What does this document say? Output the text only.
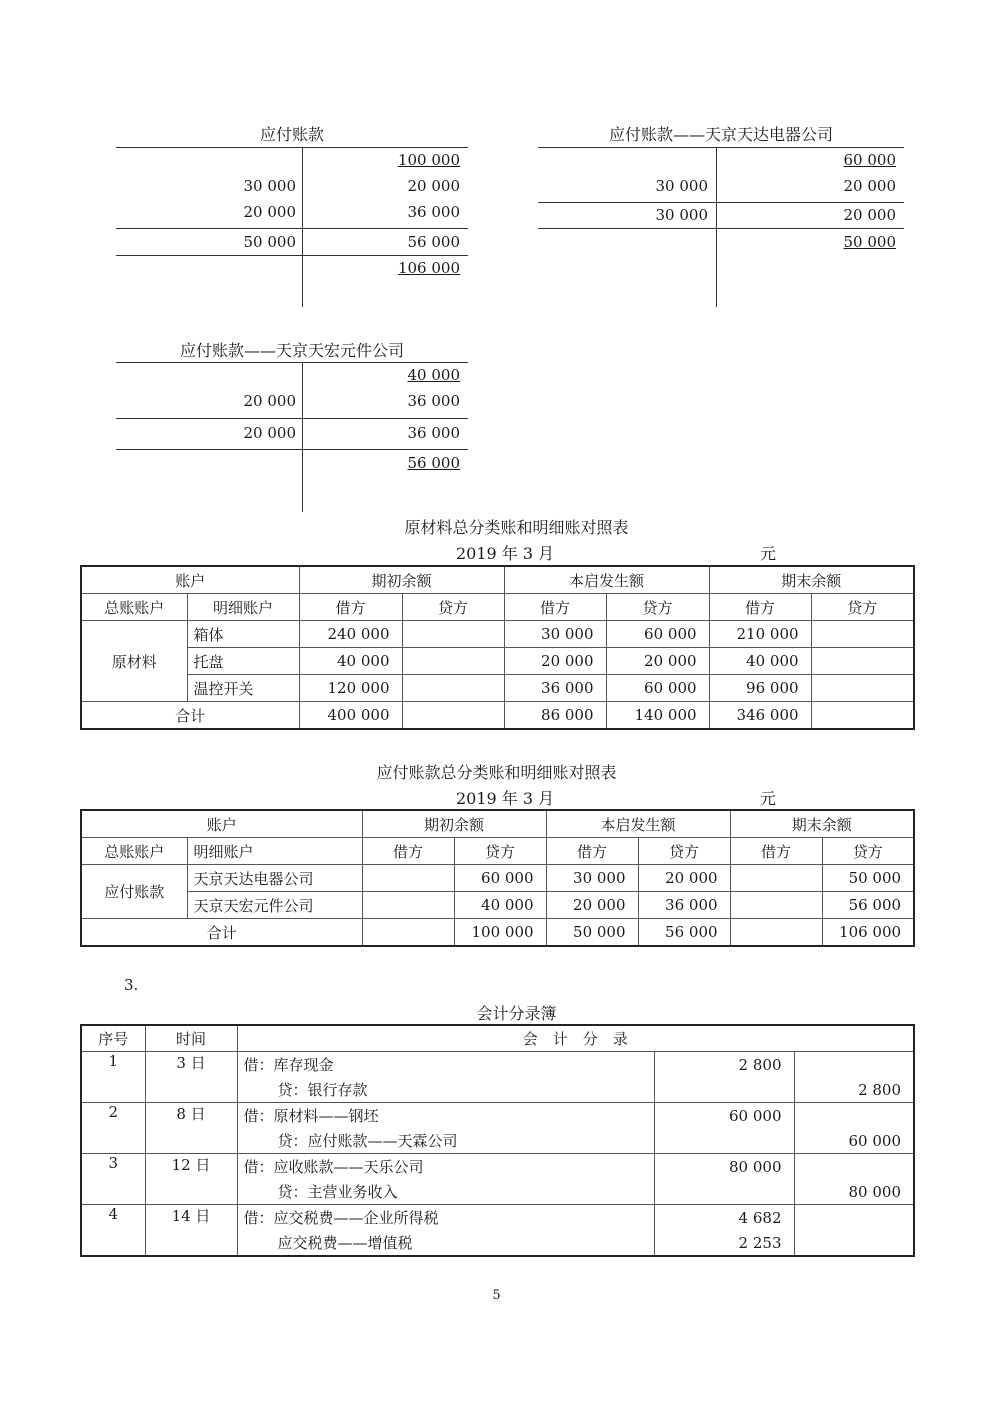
应付账款
100 000
30 000	20 000
20 000	36 000
50 000	56 000
106 000
应付账款——天京天达电器公司
60 000
30 000	20 000
30 000	20 000
50 000
应付账款——天京天宏元件公司
40 000
20 000	36 000
20 000	36 000
56 000
原材料总分类账和明细账对照表
2019 年 3 月	元
账户		期初余额		本启发生额		期末余额	
总账账户	明细账户	借方	贷方	借方	贷方	借方	贷方
原材料	箱体	240 000		30 000	60 000	210 000	
	托盘	40 000		20 000	20 000	40 000	
	温控开关	120 000		36 000	60 000	96 000	
合计		400 000		86 000	140 000	346 000	
应付账款总分类账和明细账对照表
2019 年 3 月	元
账户		期初余额		本启发生额		期末余额	
总账账户	明细账户	借方	贷方	借方	贷方	借方	贷方
应付账款	天京天达电器公司		60 000	30 000	20 000		50 000
	天京天宏元件公司		40 000	20 000	36 000		56 000
合计			100 000	50 000	56 000		106 000
3.
会计分录簿
序号	时间	会　计　分　录		
1	3 日	借：库存现金	2 800	
		贷：银行存款		2 800
2	8 日	借：原材料——钢坯	60 000	
		贷：应付账款——天霖公司		60 000
3	12 日	借：应收账款——天乐公司	80 000	
		贷：主营业务收入		80 000
4	14 日	借：应交税费——企业所得税	4 682	
		应交税费——增值税	2 253	
5
